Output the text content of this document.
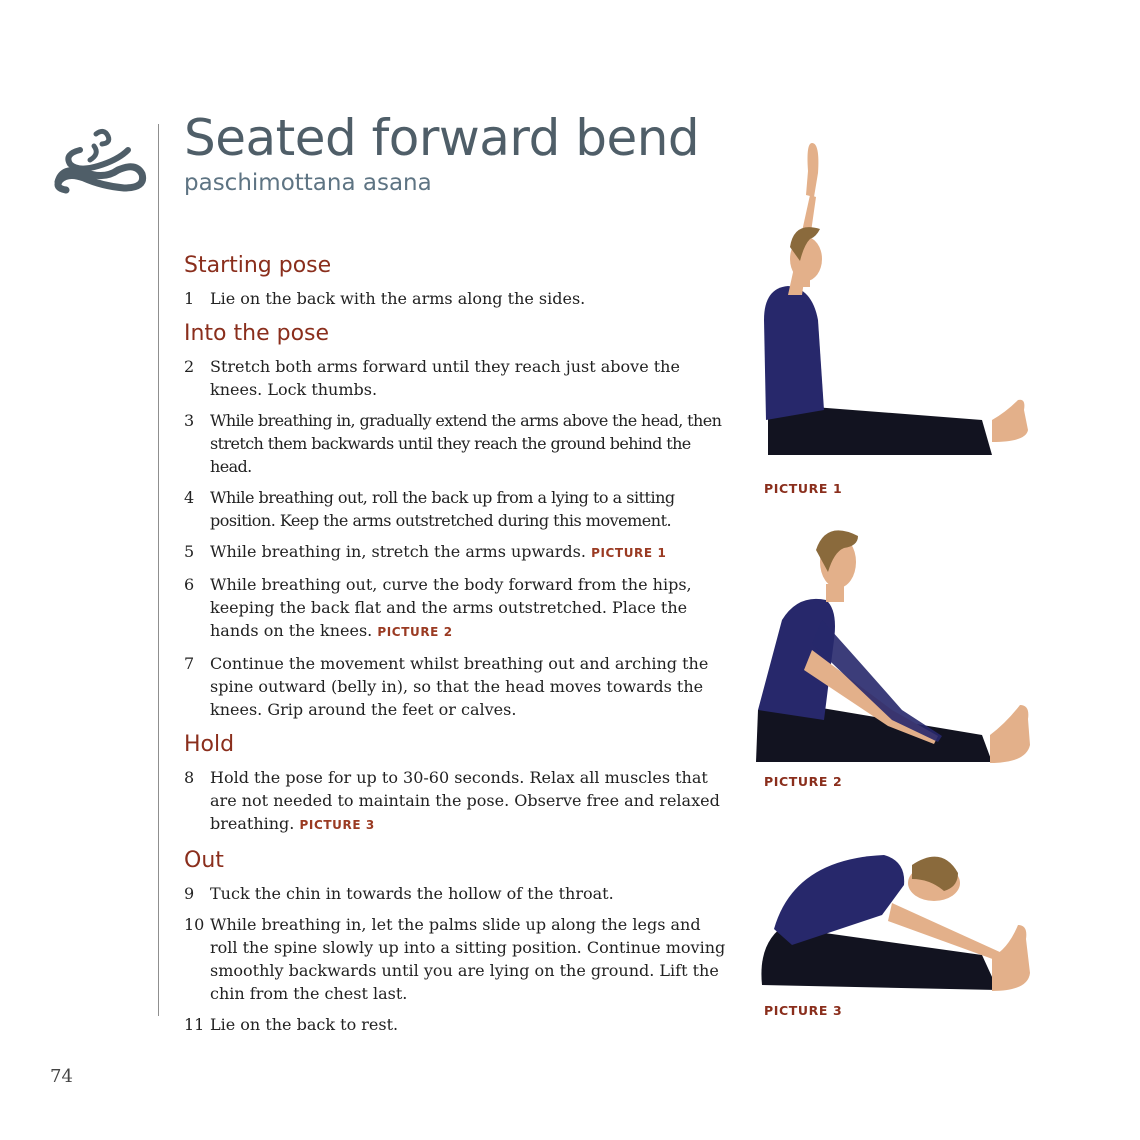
Seated forward bend
paschimottana asana
Starting pose
1 Lie on the back with the arms along the sides.
Into the pose
2 Stretch both arms forward until they reach just above the knees. Lock thumbs.
3 While breathing in, gradually extend the arms above the head, then stretch them backwards until they reach the ground behind the head.
4 While breathing out, roll the back up from a lying to a sitting position. Keep the arms outstretched during this movement.
5 While breathing in, stretch the arms upwards. PICTURE 1
6 While breathing out, curve the body forward from the hips, keeping the back flat and the arms outstretched. Place the hands on the knees. PICTURE 2
7 Continue the movement whilst breathing out and arching the spine outward (belly in), so that the head moves towards the knees. Grip around the feet or calves.
Hold
8 Hold the pose for up to 30-60 seconds. Relax all muscles that are not needed to maintain the pose. Observe free and relaxed breathing. PICTURE 3
Out
9 Tuck the chin in towards the hollow of the throat.
10 While breathing in, let the palms slide up along the legs and roll the spine slowly up into a sitting position. Continue moving smoothly backwards until you are lying on the ground. Lift the chin from the chest last.
11 Lie on the back to rest.
PICTURE 1
PICTURE 2
PICTURE 3
74
